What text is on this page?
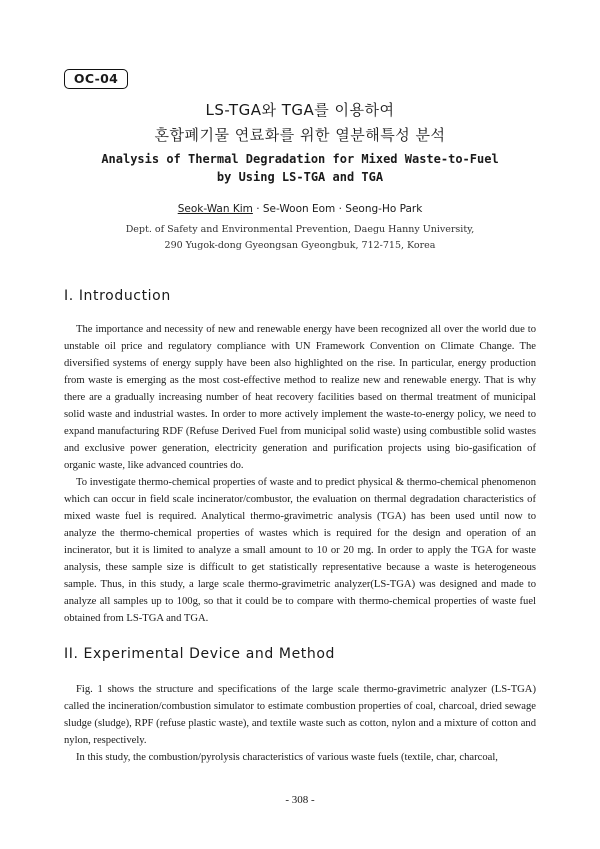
OC-04
LS-TGA와 TGA를 이용하여
혼합폐기물 연료화를 위한 열분해특성 분석
Analysis of Thermal Degradation for Mixed Waste-to-Fuel
by Using LS-TGA and TGA
Seok-Wan Kim · Se-Woon Eom · Seong-Ho Park
Dept. of Safety and Environmental Prevention, Daegu Hanny University,
290 Yugok-dong Gyeongsan Gyeongbuk, 712-715, Korea
I. Introduction

The importance and necessity of new and renewable energy have been recognized all over the world due to unstable oil price and regulatory compliance with UN Framework Convention on Climate Change. The diversified systems of energy supply have been also highlighted on the rise. In particular, energy production from waste is emerging as the most cost-effective method to realize new and renewable energy. That is why there are a gradually increasing number of heat recovery facilities based on thermal treatment of municipal solid waste and industrial wastes. In order to more actively implement the waste-to-energy policy, we need to expand manufacturing RDF (Refuse Derived Fuel from municipal solid waste) using combustible solid wastes and exclusive power generation, electricity generation and purification projects using bio-gasification of organic waste, like advanced countries do.

To investigate thermo-chemical properties of waste and to predict physical & thermo-chemical phenomenon which can occur in field scale incinerator/combustor, the evaluation on thermal degradation characteristics of mixed waste fuel is required. Analytical thermo-gravimetric analysis (TGA) has been used until now to analyze the thermo-chemical properties of wastes which is required for the design and operation of an incinerator, but it is limited to analyze a small amount to 10 or 20 mg. In order to apply the TGA for waste analysis, these sample size is difficult to get statistically representative because a waste is heterogeneous sample. Thus, in this study, a large scale thermo-gravimetric analyzer(LS-TGA) was designed and made to analyze all samples up to 100g, so that it could be to compare with thermo-chemical properties of waste fuel obtained from LS-TGA and TGA.

II. Experimental Device and Method

Fig. 1 shows the structure and specifications of the large scale thermo-gravimetric analyzer (LS-TGA) called the incineration/combustion simulator to estimate combustion properties of coal, charcoal, dried sewage sludge (sludge), RPF (refuse plastic waste), and textile waste such as cotton, nylon and a mixture of cotton and nylon, respectively.

In this study, the combustion/pyrolysis characteristics of various waste fuels (textile, char, charcoal,

- 308 -
